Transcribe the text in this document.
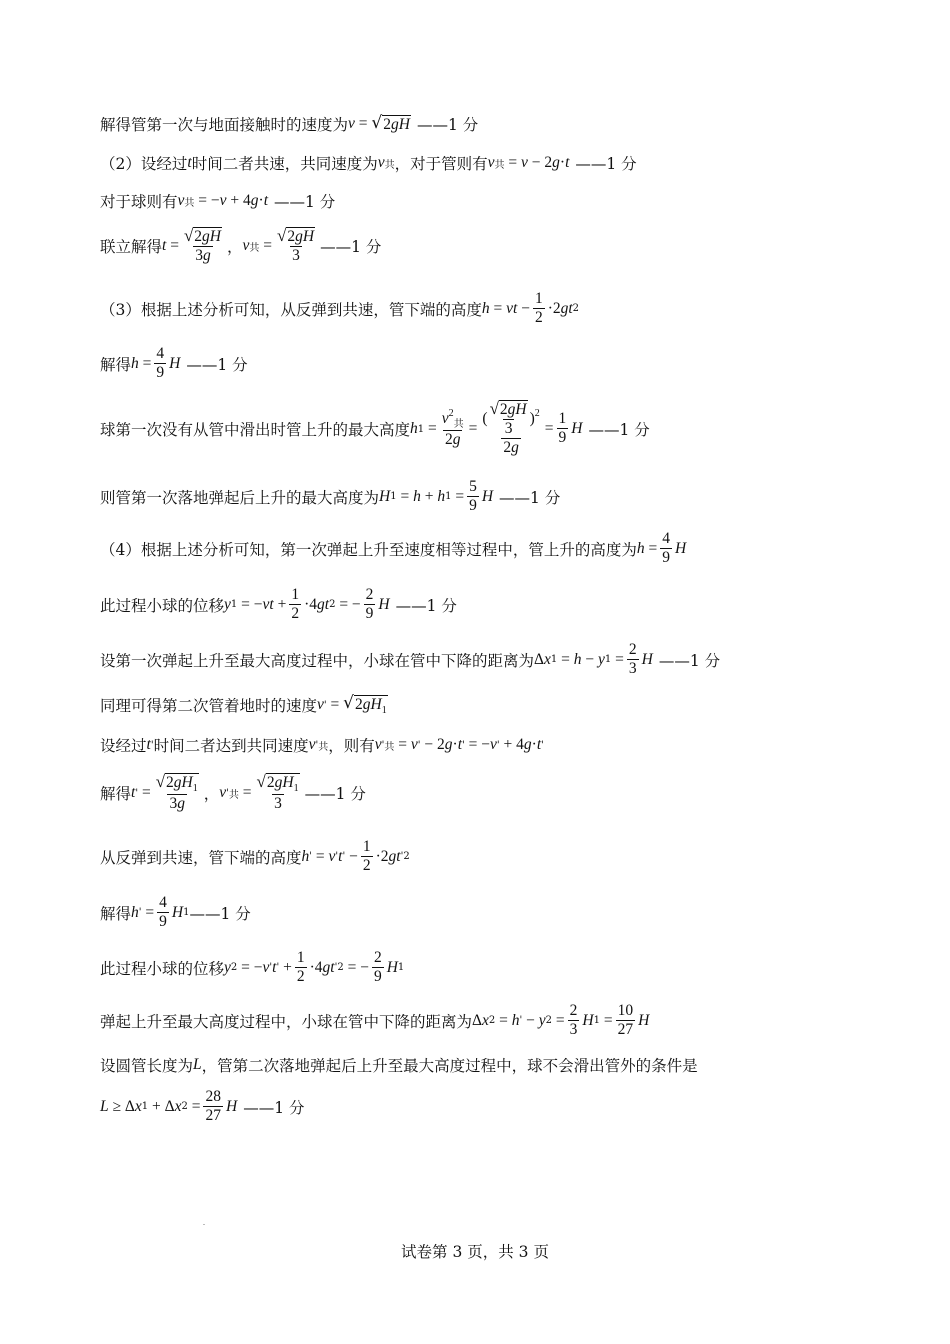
解得管第一次与地面接触时的速度为 v = √ 2gH ——1 分
（2）设经过 t 时间二者共速，共同速度为 v 共 ，对于管则有 v 共 = v − 2 g · t ——1 分
对于球则有 v 共 = − v + 4 g · t ——1 分
联立解得 $t = \frac{√ 2gH}{3g}$ ， v 共 = $\frac{√ 2gH}{3}$ ——1 分
（3）根据上述分析可知，从反弹到共速，管下端的高度 h = vt − $\frac{1}{2} \cdot 2$ gt 2
解得 $h = \frac{4}{9}$ H ——1 分
球第一次没有从管中滑出时管上升的最大高度 h $1 = \frac{v^2_共}{2g} = \frac{( \frac{√ 2gH}{3} )^2}{2g} = \frac{1}{9}$ H ——1 分
则管第一次落地弹起后上升的最大高度为 H 1 = h + h $1 = \frac{5}{9}$ H ——1 分
（4）根据上述分析可知，第一次弹起上升至速度相等过程中，管上升的高度为 $h = \frac{4}{9}$ H
此过程小球的位移 y 1 = − vt + $\frac{1}{2} \cdot 4$ gt 2 = − $\frac{2}{9}$ H ——1 分
设第一次弹起上升至最大高度过程中，小球在管中下降的距离为 Δ x 1 = h − y $1 = \frac{2}{3}$ H ——1 分
同理可得第二次管着地时的速度 v ' = √ $2gH_1$
设经过 t ' 时间二者达到共同速度 v ' 共 ，则有 v ' 共 = v ' − 2 g · t ' = − v ' + 4 g · t '
解得 t ' = $\frac{√ 2gH_1}{3g}$ ， v ' 共 = $\frac{√ 2gH_1}{3}$ ——1 分
从反弹到共速，管下端的高度 h ' = v ' t ' − $\frac{1}{2} \cdot 2$ gt '2
解得 h ' = $\frac{4}{9}$ H 1 ——1 分
此过程小球的位移 y 2 = − v ' t ' + $\frac{1}{2} \cdot 4$ gt '2 = − $\frac{2}{9}$ H 1
弹起上升至最大高度过程中，小球在管中下降的距离为 Δ x 2 = h ' − y $2 = \frac{2}{3}$ H $1 = \frac{10}{27}$ H
设圆管长度为 L ，管第二次落地弹起后上升至最大高度过程中，球不会滑出管外的条件是
L ≥ Δ x 1 + Δ x $2 = \frac{28}{27}$ H ——1 分
试卷第 3 页，共 3 页
